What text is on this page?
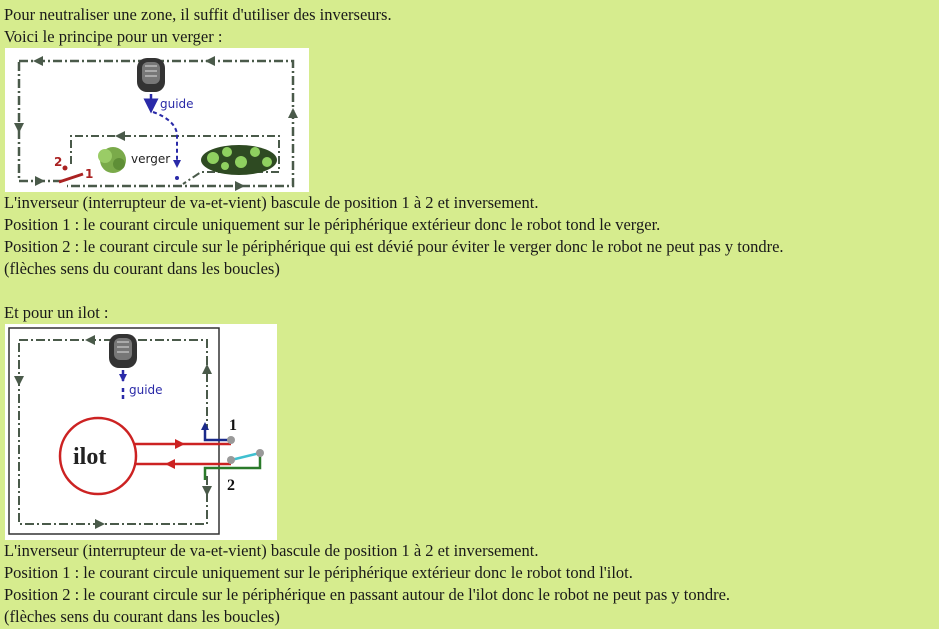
Pour neutraliser une zone, il suffit d'utiliser des inverseurs.

Voici le principe pour un verger :

guide
verger
2
1

L'inverseur (interrupteur de va-et-vient) bascule de position 1 à 2 et inversement.

Position 1 : le courant circule uniquement sur le périphérique extérieur donc le robot tond le verger.

Position 2 : le courant circule sur le périphérique qui est dévié pour éviter le verger donc le robot ne peut pas y tondre.

(flèches sens du courant dans les boucles)

Et pour un ilot :

guide
ilot
1
2

L'inverseur (interrupteur de va-et-vient) bascule de position 1 à 2 et inversement.

Position 1 : le courant circule uniquement sur le périphérique extérieur donc le robot tond l'ilot.

Position 2 : le courant circule sur le périphérique en passant autour de l'ilot donc le robot ne peut pas y tondre.

(flèches sens du courant dans les boucles)
